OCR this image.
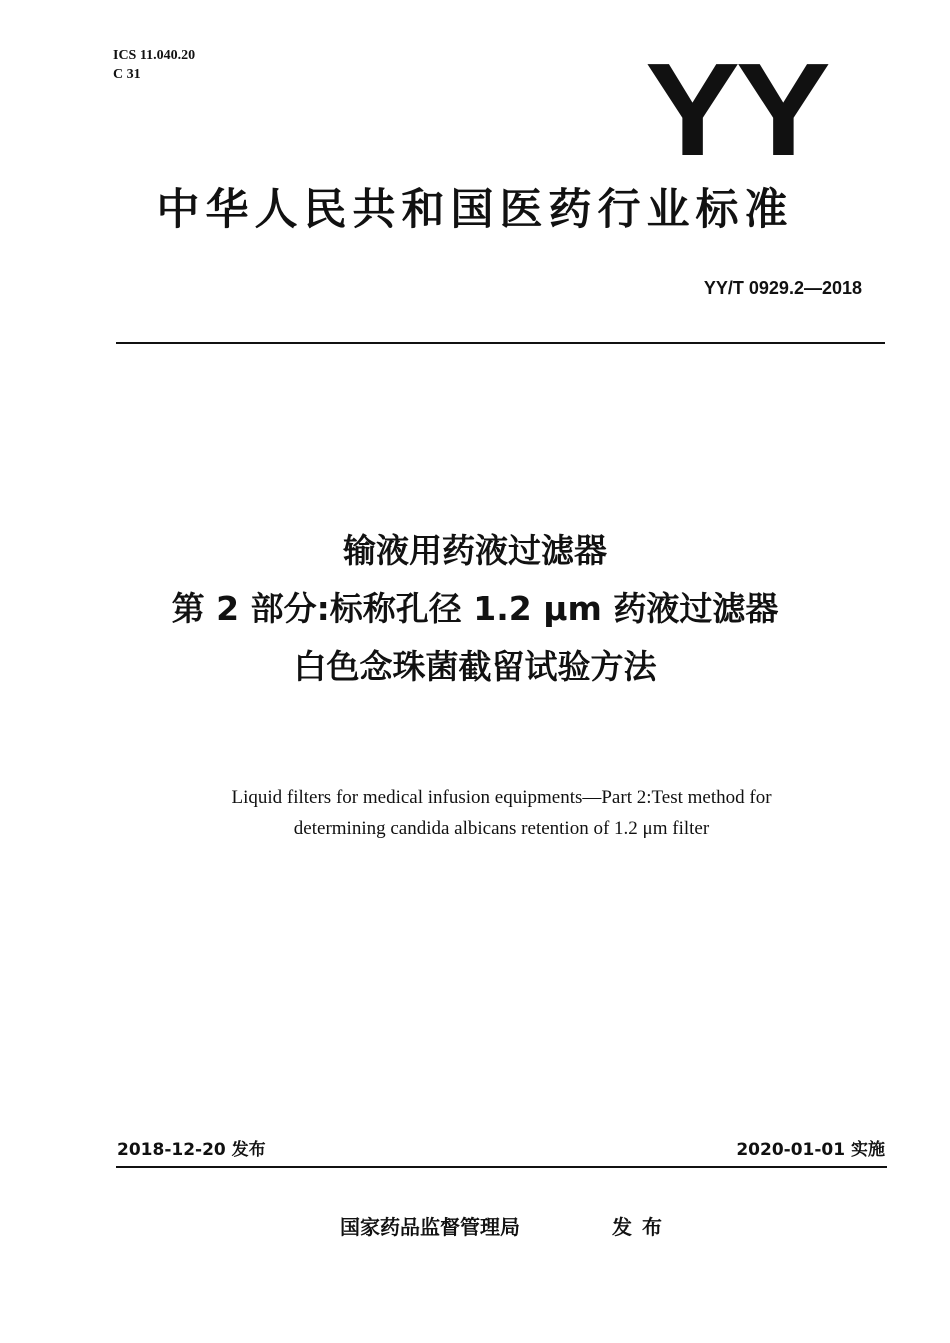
ICS 11.040.20
C 31	YY
中华人民共和国医药行业标准
YY/T 0929.2—2018
输液用药液过滤器
第 2 部分:标称孔径 1.2 μm 药液过滤器
白色念珠菌截留试验方法
Liquid filters for medical infusion equipments—Part 2:Test method for
determining candida albicans retention of 1.2 μm filter
2018-12-20 发布	2020-01-01 实施
国家药品监督管理局	发布
